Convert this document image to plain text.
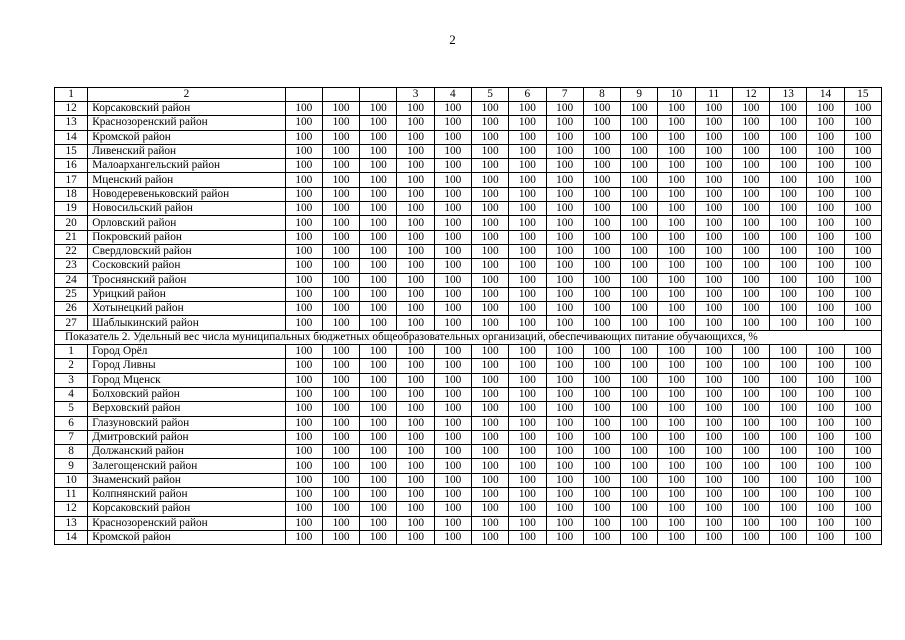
2
1	2				3	4	5	6	7	8	9	10	11	12	13	14	15
12	Корсаковский район	100	100	100	100	100	100	100	100	100	100	100	100	100	100	100	100
13	Краснозоренский район	100	100	100	100	100	100	100	100	100	100	100	100	100	100	100	100
14	Кромской район	100	100	100	100	100	100	100	100	100	100	100	100	100	100	100	100
15	Ливенский район	100	100	100	100	100	100	100	100	100	100	100	100	100	100	100	100
16	Малоархангельский район	100	100	100	100	100	100	100	100	100	100	100	100	100	100	100	100
17	Мценский район	100	100	100	100	100	100	100	100	100	100	100	100	100	100	100	100
18	Новодеревеньковский район	100	100	100	100	100	100	100	100	100	100	100	100	100	100	100	100
19	Новосильский район	100	100	100	100	100	100	100	100	100	100	100	100	100	100	100	100
20	Орловский район	100	100	100	100	100	100	100	100	100	100	100	100	100	100	100	100
21	Покровский район	100	100	100	100	100	100	100	100	100	100	100	100	100	100	100	100
22	Свердловский район	100	100	100	100	100	100	100	100	100	100	100	100	100	100	100	100
23	Сосковский район	100	100	100	100	100	100	100	100	100	100	100	100	100	100	100	100
24	Троснянский район	100	100	100	100	100	100	100	100	100	100	100	100	100	100	100	100
25	Урицкий район	100	100	100	100	100	100	100	100	100	100	100	100	100	100	100	100
26	Хотынецкий район	100	100	100	100	100	100	100	100	100	100	100	100	100	100	100	100
27	Шаблыкинский район	100	100	100	100	100	100	100	100	100	100	100	100	100	100	100	100
Показатель 2. Удельный вес числа муниципальных бюджетных общеобразовательных организаций, обеспечивающих питание обучающихся, %																	
1	Город Орёл	100	100	100	100	100	100	100	100	100	100	100	100	100	100	100	100
2	Город Ливны	100	100	100	100	100	100	100	100	100	100	100	100	100	100	100	100
3	Город Мценск	100	100	100	100	100	100	100	100	100	100	100	100	100	100	100	100
4	Болховский район	100	100	100	100	100	100	100	100	100	100	100	100	100	100	100	100
5	Верховский район	100	100	100	100	100	100	100	100	100	100	100	100	100	100	100	100
6	Глазуновский район	100	100	100	100	100	100	100	100	100	100	100	100	100	100	100	100
7	Дмитровский район	100	100	100	100	100	100	100	100	100	100	100	100	100	100	100	100
8	Должанский район	100	100	100	100	100	100	100	100	100	100	100	100	100	100	100	100
9	Залегощенский район	100	100	100	100	100	100	100	100	100	100	100	100	100	100	100	100
10	Знаменский район	100	100	100	100	100	100	100	100	100	100	100	100	100	100	100	100
11	Колпнянский район	100	100	100	100	100	100	100	100	100	100	100	100	100	100	100	100
12	Корсаковский район	100	100	100	100	100	100	100	100	100	100	100	100	100	100	100	100
13	Краснозоренский район	100	100	100	100	100	100	100	100	100	100	100	100	100	100	100	100
14	Кромской район	100	100	100	100	100	100	100	100	100	100	100	100	100	100	100	100
